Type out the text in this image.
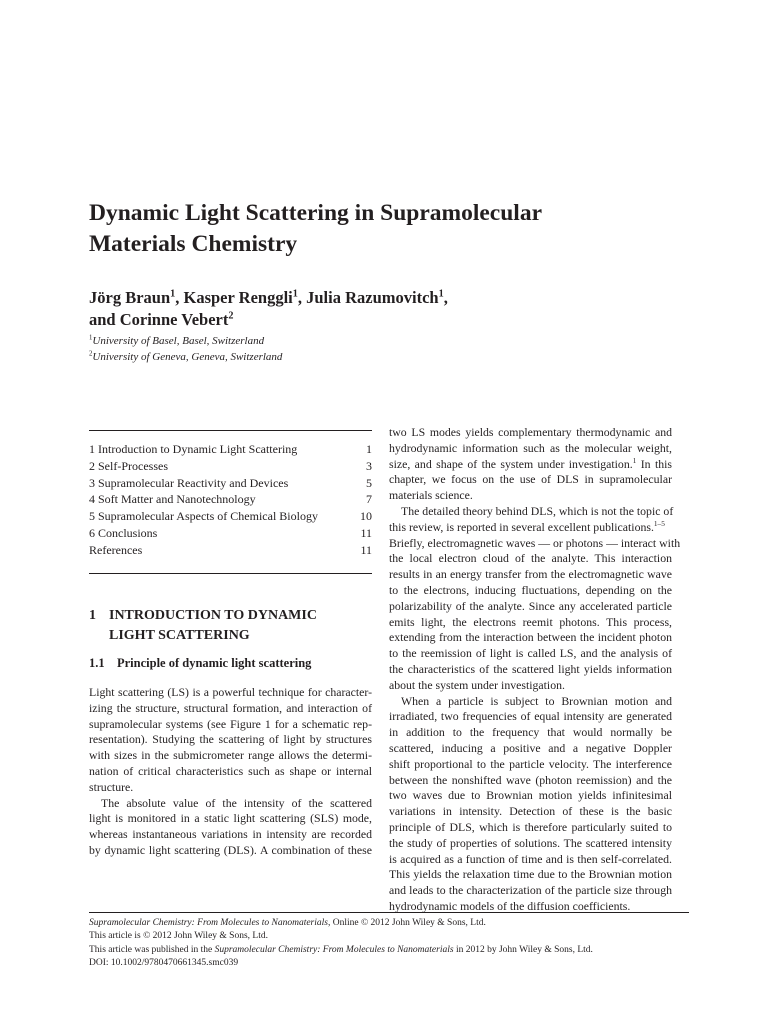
Dynamic Light Scattering in Supramolecular
Materials Chemistry
Jörg Braun$^1$, Kasper Renggli$^1$, Julia Razumovitch$^1$,
and Corinne Vebert$^2$
$^1$University of Basel, Basel, Switzerland
$^2$University of Geneva, Geneva, Switzerland
1 Introduction to Dynamic Light Scattering	1
2 Self-Processes	3
3 Supramolecular Reactivity and Devices	5
4 Soft Matter and Nanotechnology	7
5 Supramolecular Aspects of Chemical Biology	10
6 Conclusions	11
References	11
1 INTRODUCTION TO DYNAMIC
LIGHT SCATTERING
1.1 Principle of dynamic light scattering
Light scattering (LS) is a powerful technique for character-
izing the structure, structural formation, and interaction of
supramolecular systems (see Figure 1 for a schematic rep-
resentation). Studying the scattering of light by structures
with sizes in the submicrometer range allows the determi-
nation of critical characteristics such as shape or internal
structure.
The absolute value of the intensity of the scattered
light is monitored in a static light scattering (SLS) mode,
whereas instantaneous variations in intensity are recorded
by dynamic light scattering (DLS). A combination of these
two LS modes yields complementary thermodynamic and
hydrodynamic information such as the molecular weight,
size, and shape of the system under investigation.$^1$ In this
chapter, we focus on the use of DLS in supramolecular
materials science.
The detailed theory behind DLS, which is not the topic of
this review, is reported in several excellent publications.$^{1-5}$
Briefly, electromagnetic waves — or photons — interact with
the local electron cloud of the analyte. This interaction
results in an energy transfer from the electromagnetic wave
to the electrons, inducing fluctuations, depending on the
polarizability of the analyte. Since any accelerated particle
emits light, the electrons reemit photons. This process,
extending from the interaction between the incident photon
to the reemission of light is called LS, and the analysis of
the characteristics of the scattered light yields information
about the system under investigation.
When a particle is subject to Brownian motion and
irradiated, two frequencies of equal intensity are generated
in addition to the frequency that would normally be
scattered, inducing a positive and a negative Doppler
shift proportional to the particle velocity. The interference
between the nonshifted wave (photon reemission) and the
two waves due to Brownian motion yields infinitesimal
variations in intensity. Detection of these is the basic
principle of DLS, which is therefore particularly suited to
the study of properties of solutions. The scattered intensity
is acquired as a function of time and is then self-correlated.
This yields the relaxation time due to the Brownian motion
and leads to the characterization of the particle size through
hydrodynamic models of the diffusion coefficients.
Supramolecular Chemistry: From Molecules to Nanomaterials, Online © 2012 John Wiley & Sons, Ltd.
This article is © 2012 John Wiley & Sons, Ltd.
This article was published in the Supramolecular Chemistry: From Molecules to Nanomaterials in 2012 by John Wiley & Sons, Ltd.
DOI: 10.1002/9780470661345.smc039
